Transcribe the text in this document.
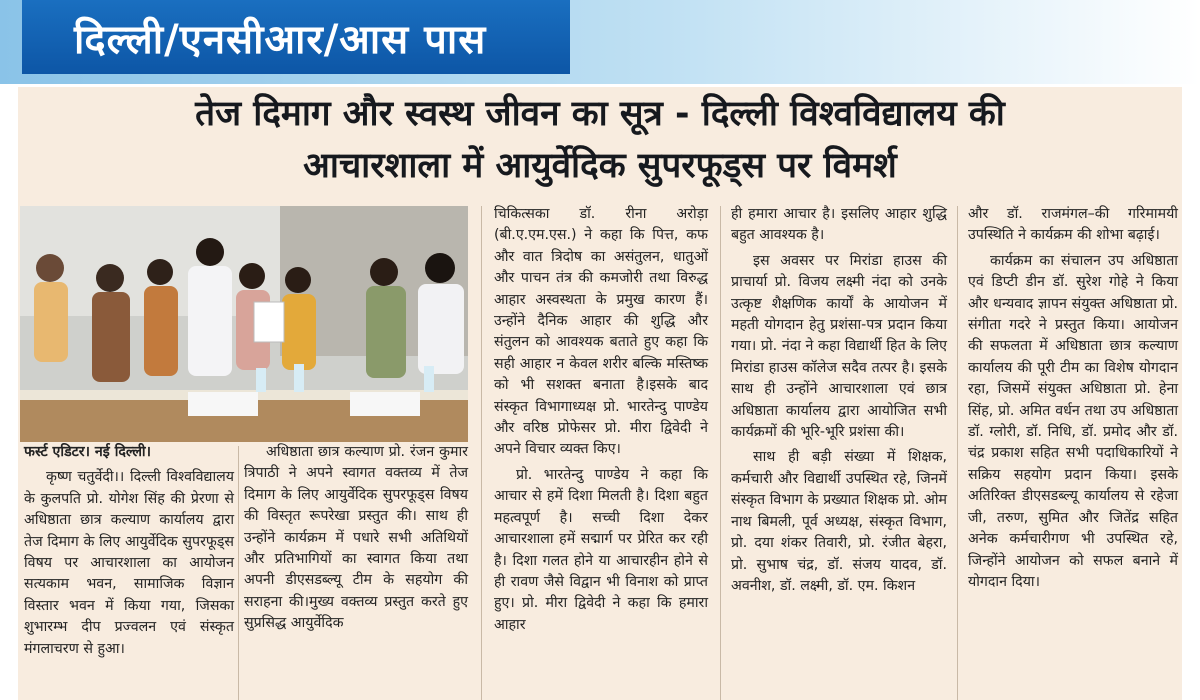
दिल्ली/एनसीआर/आस पास
तेज दिमाग और स्वस्थ जीवन का सूत्र - दिल्ली विश्वविद्यालय की
आचारशाला में आयुर्वेदिक सुपरफूड्स पर विमर्श

फर्स्ट एडिटर। नई दिल्ली।

कृष्ण चतुर्वेदी।। दिल्ली विश्वविद्यालय के कुलपति प्रो. योगेश सिंह की प्रेरणा से अधिष्ठाता छात्र कल्याण कार्यालय द्वारा तेज दिमाग के लिए आयुर्वेदिक सुपरफूड्स विषय पर आचारशाला का आयोजन सत्यकाम भवन, सामाजिक विज्ञान विस्तार भवन में किया गया, जिसका शुभारम्भ दीप प्रज्वलन एवं संस्कृत मंगलाचरण से हुआ।

अधिष्ठाता छात्र कल्याण प्रो. रंजन कुमार त्रिपाठी ने अपने स्वागत वक्तव्य में तेज दिमाग के लिए आयुर्वेदिक सुपरफूड्स विषय की विस्तृत रूपरेखा प्रस्तुत की। साथ ही उन्होंने कार्यक्रम में पधारे सभी अतिथियों और प्रतिभागियों का स्वागत किया तथा अपनी डीएसडब्ल्यू टीम के सहयोग की सराहना की।मुख्य वक्तव्य प्रस्तुत करते हुए सुप्रसिद्ध आयुर्वेदिक

चिकित्सका डॉ. रीना अरोड़ा (बी.ए.एम.एस.) ने कहा कि पित्त, कफ और वात त्रिदोष का असंतुलन, धातुओं और पाचन तंत्र की कमजोरी तथा विरुद्ध आहार अस्वस्थता के प्रमुख कारण हैं। उन्होंने दैनिक आहार की शुद्धि और संतुलन को आवश्यक बताते हुए कहा कि सही आहार न केवल शरीर बल्कि मस्तिष्क को भी सशक्त बनाता है।इसके बाद संस्कृत विभागाध्यक्ष प्रो. भारतेन्दु पाण्डेय और वरिष्ठ प्रोफेसर प्रो. मीरा द्विवेदी ने अपने विचार व्यक्त किए।

प्रो. भारतेन्दु पाण्डेय ने कहा कि आचार से हमें दिशा मिलती है। दिशा बहुत महत्वपूर्ण है। सच्ची दिशा देकर आचारशाला हमें सद्मार्ग पर प्रेरित कर रही है। दिशा गलत होने या आचारहीन होने से ही रावण जैसे विद्वान भी विनाश को प्राप्त हुए। प्रो. मीरा द्विवेदी ने कहा कि हमारा आहार

ही हमारा आचार है। इसलिए आहार शुद्धि बहुत आवश्यक है।

इस अवसर पर मिरांडा हाउस की प्राचार्या प्रो. विजय लक्ष्मी नंदा को उनके उत्कृष्ट शैक्षणिक कार्यों के आयोजन में महती योगदान हेतु प्रशंसा-पत्र प्रदान किया गया। प्रो. नंदा ने कहा विद्यार्थी हित के लिए मिरांडा हाउस कॉलेज सदैव तत्पर है। इसके साथ ही उन्होंने आचारशाला एवं छात्र अधिष्ठाता कार्यालय द्वारा आयोजित सभी कार्यक्रमों की भूरि-भूरि प्रशंसा की।

साथ ही बड़ी संख्या में शिक्षक, कर्मचारी और विद्यार्थी उपस्थित रहे, जिनमें संस्कृत विभाग के प्रख्यात शिक्षक प्रो. ओम नाथ बिमली, पूर्व अध्यक्ष, संस्कृत विभाग, प्रो. दया शंकर तिवारी, प्रो. रंजीत बेहरा, प्रो. सुभाष चंद्र, डॉ. संजय यादव, डॉ. अवनीश, डॉ. लक्ष्मी, डॉ. एम. किशन

और डॉ. राजमंगल–की गरिमामयी उपस्थिति ने कार्यक्रम की शोभा बढ़ाई।

कार्यक्रम का संचालन उप अधिष्ठाता एवं डिप्टी डीन डॉ. सुरेश गोहे ने किया और धन्यवाद ज्ञापन संयुक्त अधिष्ठाता प्रो. संगीता गदरे ने प्रस्तुत किया। आयोजन की सफलता में अधिष्ठाता छात्र कल्याण कार्यालय की पूरी टीम का विशेष योगदान रहा, जिसमें संयुक्त अधिष्ठाता प्रो. हेना सिंह, प्रो. अमित वर्धन तथा उप अधिष्ठाता डॉ. ग्लोरी, डॉ. निधि, डॉ. प्रमोद और डॉ. चंद्र प्रकाश सहित सभी पदाधिकारियों ने सक्रिय सहयोग प्रदान किया। इसके अतिरिक्त डीएसडब्ल्यू कार्यालय से रहेजा जी, तरुण, सुमित और जितेंद्र सहित अनेक कर्मचारीगण भी उपस्थित रहे, जिन्होंने आयोजन को सफल बनाने में योगदान दिया।
